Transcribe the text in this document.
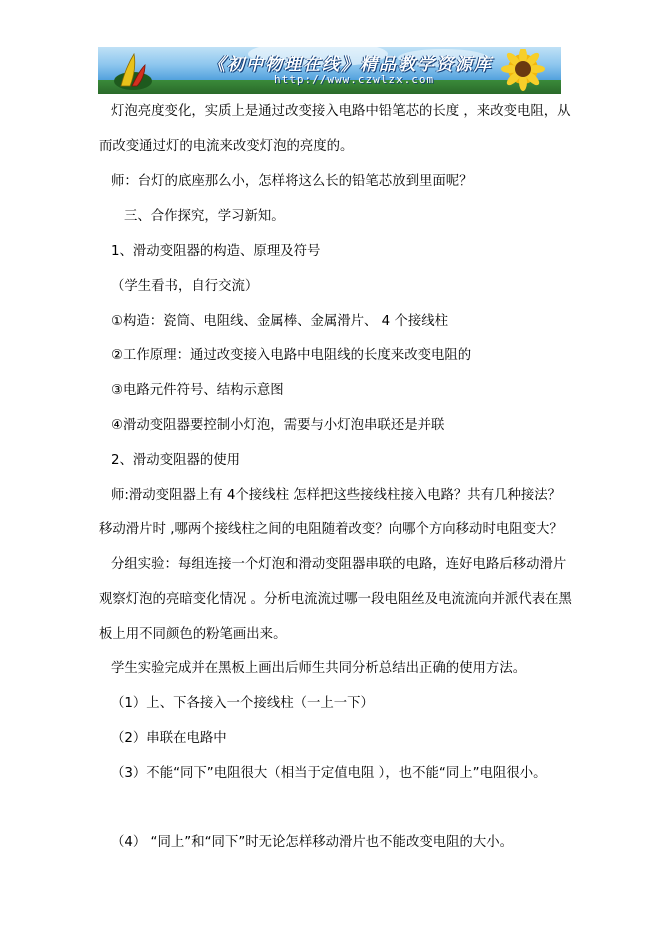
《初中物理在线》精品教学资源库
http://www.czwlzx.com
灯泡亮度变化，实质上是通过改变接入电路中铅笔芯的长度 ，来改变电阻，从
而改变通过灯的电流来改变灯泡的亮度的。
师：台灯的底座那么小，怎样将这么长的铅笔芯放到里面呢？
三、合作探究，学习新知。
1、滑动变阻器的构造、原理及符号
（学生看书，自行交流）
①构造：瓷筒、电阻线、金属棒、金属滑片、 4 个接线柱
②工作原理：通过改变接入电路中电阻线的长度来改变电阻的
③电路元件符号、结构示意图
④滑动变阻器要控制小灯泡，需要与小灯泡串联还是并联
2、滑动变阻器的使用
师:滑动变阻器上有 4个接线柱 怎样把这些接线柱接入电路？共有几种接法？
移动滑片时 ,哪两个接线柱之间的电阻随着改变？向哪个方向移动时电阻变大？
分组实验：每组连接一个灯泡和滑动变阻器串联的电路，连好电路后移动滑片
观察灯泡的亮暗变化情况 。分析电流流过哪一段电阻丝及电流流向并派代表在黑
板上用不同颜色的粉笔画出来。
学生实验完成并在黑板上画出后师生共同分析总结出正确的使用方法。
（1）上、下各接入一个接线柱（一上一下）
（2）串联在电路中
（3）不能“同下”电阻很大（相当于定值电阻 ），也不能“同上”电阻很小。
（4） “同上”和“同下”时无论怎样移动滑片也不能改变电阻的大小。
